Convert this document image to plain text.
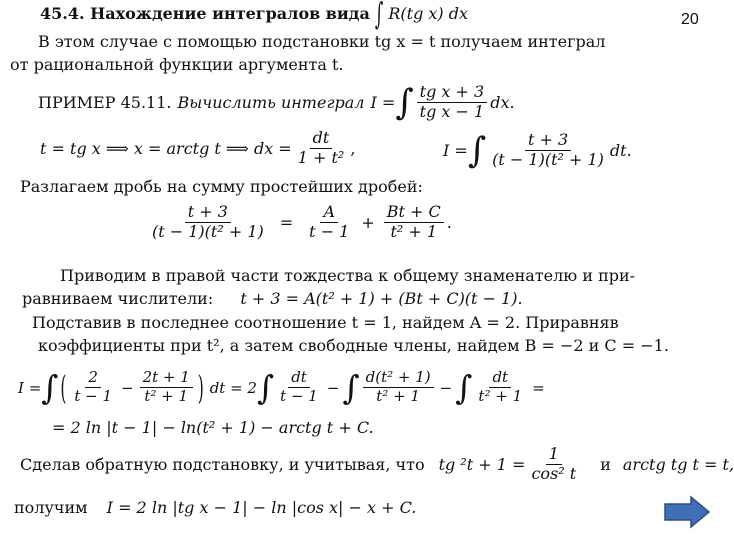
20
45.4. Нахождение интегралов вида ∫ R(tg x) dx
В этом случае с помощью подстановки tg x = t получаем интеграл
от рациональной функции аргумента t.
ПРИМЕР 45.11. Вычислить интеграл I = ∫ $\frac{\text{tg x + 3}}{\text{tg x − 1}}$ dx.
t = tg x ⟹ x = arctg t ⟹ dx = $\frac{dt}{\text{1 + t²}}$ ,	I = ∫ $\frac{t + 3}{\text{(t − 1)(t² + 1)}}$ dt.
Разлагаем дробь на сумму простейших дробей:
$\frac{t + 3}{\text{(t − 1)(t² + 1)}} = \frac{A}{t - 1} + \frac{Bt + C}{\text{t² + 1}}$ .
Приводим в правой части тождества к общему знаменателю и при-
равниваем числители: t + 3 = A(t² + 1) + (Bt + C)(t − 1).
Подставив в последнее соотношение t = 1, найдем A = 2. Приравняв
коэффициенты при t², а затем свободные члены, найдем B = −2 и C = −1.
I = ∫ ( $\frac{2}{t - 1} - \frac{2t + 1}{\text{t² + 1}}$ ) dt = 2 ∫ $\frac{dt}{t - 1}$ − ∫ $\frac{\text{d(t² + 1)}}{\text{t² + 1}}$ − ∫ $\frac{dt}{\text{t² + 1}}$ =
= 2 ln |t − 1| − ln(t² + 1) − arctg t + C.
Сделав обратную подстановку, и учитывая, что tg $^2t + 1 = \frac{1}{\text{cos² t}}$ и arctg tg t = t,
получим I = 2 ln |tg x − 1| − ln |cos x| − x + C.
